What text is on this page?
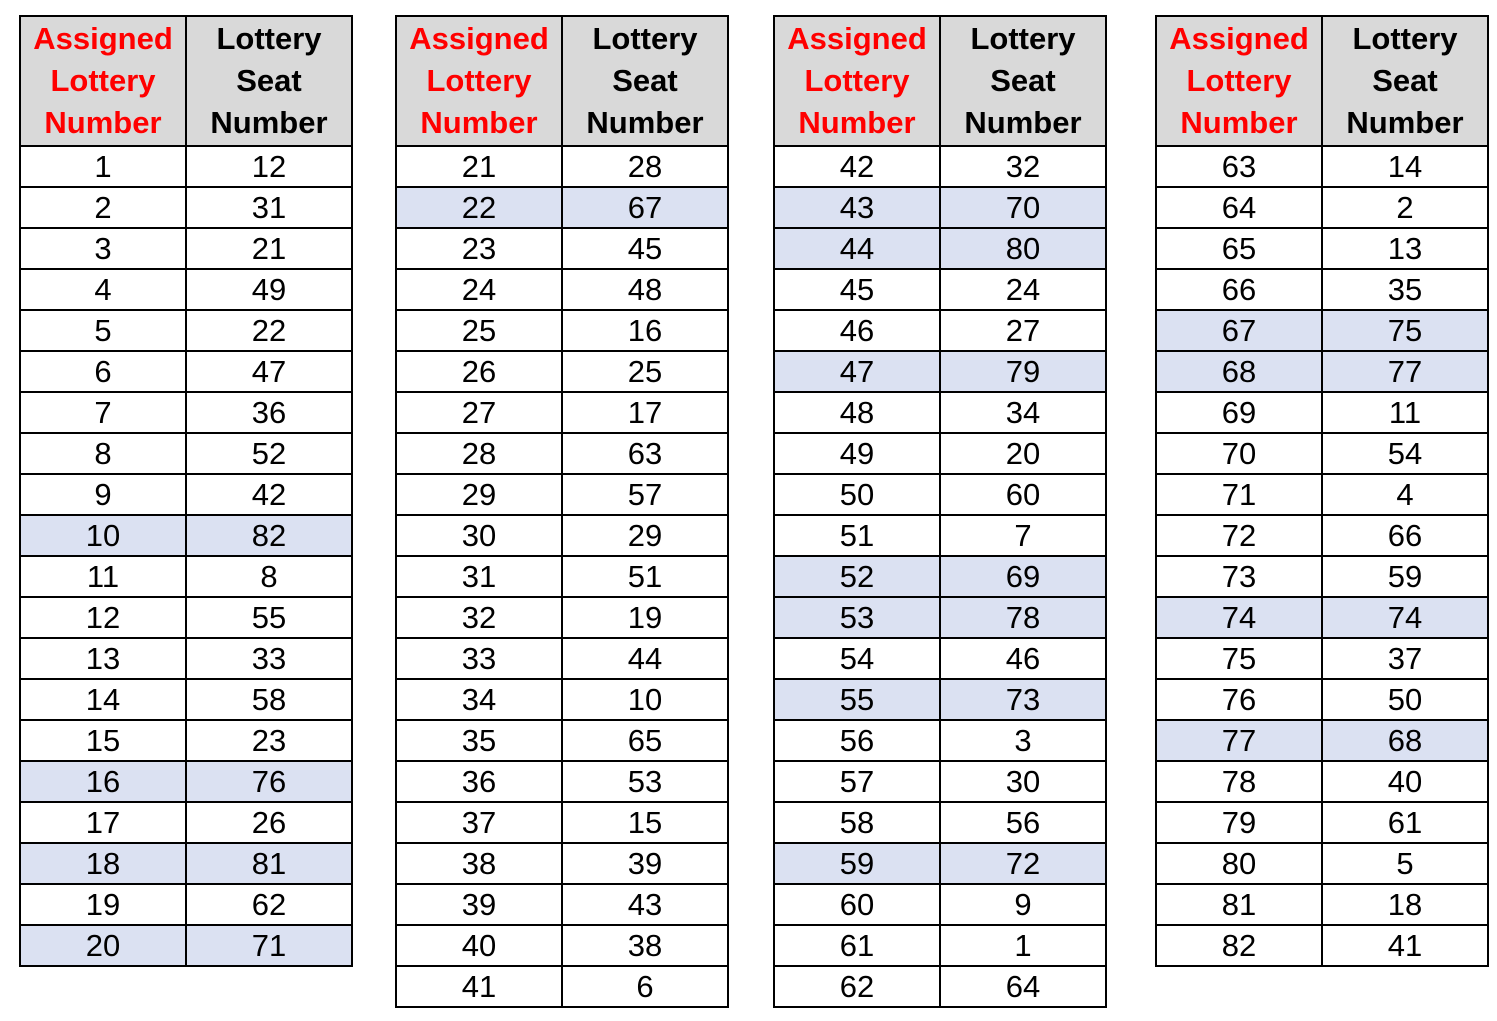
Assigned Lottery Number	Lottery Seat Number
1	12
2	31
3	21
4	49
5	22
6	47
7	36
8	52
9	42
10	82
11	8
12	55
13	33
14	58
15	23
16	76
17	26
18	81
19	62
20	71
Assigned Lottery Number	Lottery Seat Number
21	28
22	67
23	45
24	48
25	16
26	25
27	17
28	63
29	57
30	29
31	51
32	19
33	44
34	10
35	65
36	53
37	15
38	39
39	43
40	38
41	6
Assigned Lottery Number	Lottery Seat Number
42	32
43	70
44	80
45	24
46	27
47	79
48	34
49	20
50	60
51	7
52	69
53	78
54	46
55	73
56	3
57	30
58	56
59	72
60	9
61	1
62	64
Assigned Lottery Number	Lottery Seat Number
63	14
64	2
65	13
66	35
67	75
68	77
69	11
70	54
71	4
72	66
73	59
74	74
75	37
76	50
77	68
78	40
79	61
80	5
81	18
82	41
